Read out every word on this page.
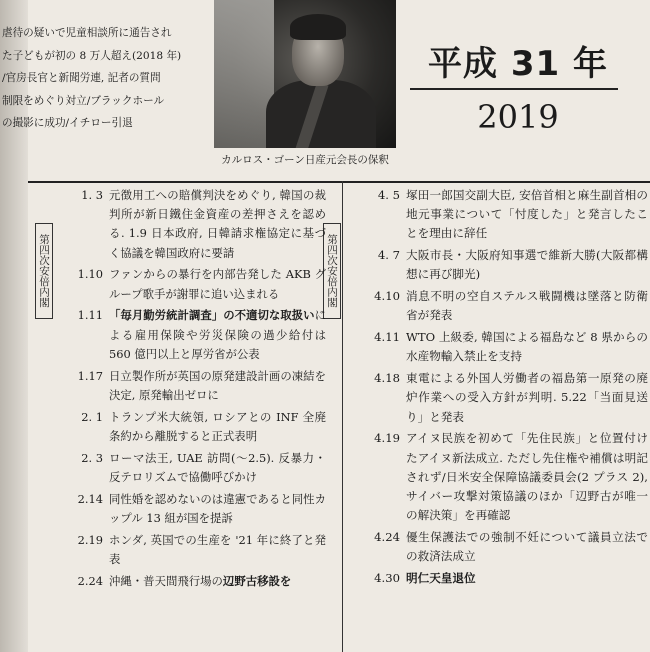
虐待の疑いで児童相談所に通告され
た子どもが初の 8 万人超え(2018 年)
/官房長官と新聞労連, 記者の質問
制限をめぐり対立/ブラックホール
の撮影に成功/イチロー引退
カルロス・ゴーン日産元会長の保釈
平成 31 年
2019
第四次安倍内閣	第四次安倍内閣
1. 3 元徴用工への賠償判決をめぐり, 韓国の裁判所が新日鐵住金資産の差押さえを認める. 1.9 日本政府, 日韓請求権協定に基づく協議を韓国政府に要請
1.10 ファンからの暴行を内部告発した AKB グループ歌手が謝罪に追い込まれる
1.11 「毎月勤労統計調査」の不適切な取扱いによる雇用保険や労災保険の過少給付は 560 億円以上と厚労省が公表
1.17 日立製作所が英国の原発建設計画の凍結を決定, 原発輸出ゼロに
2. 1 トランプ米大統領, ロシアとの INF 全廃条約から離脱すると正式表明
2. 3 ローマ法王, UAE 訪問(〜2.5). 反暴力・反テロリズムで協働呼びかけ
2.14 同性婚を認めないのは違憲であると同性カップル 13 組が国を提訴
2.19 ホンダ, 英国での生産を '21 年に終了と発表
2.24 沖縄・普天間飛行場の辺野古移設を
4. 5 塚田一郎国交副大臣, 安倍首相と麻生副首相の地元事業について「忖度した」と発言したことを理由に辞任
4. 7 大阪市長・大阪府知事選で維新大勝(大阪都構想に再び脚光)
4.10 消息不明の空自ステルス戦闘機は墜落と防衛省が発表
4.11 WTO 上級委, 韓国による福島など 8 県からの水産物輸入禁止を支持
4.18 東電による外国人労働者の福島第一原発の廃炉作業への受入方針が判明. 5.22「当面見送り」と発表
4.19 アイヌ民族を初めて「先住民族」と位置付けたアイヌ新法成立. ただし先住権や補償は明記されず/日米安全保障協議委員会(2 プラス 2), サイバー攻撃対策協議のほか「辺野古が唯一の解決策」を再確認
4.24 優生保護法での強制不妊について議員立法での救済法成立
4.30 明仁天皇退位
